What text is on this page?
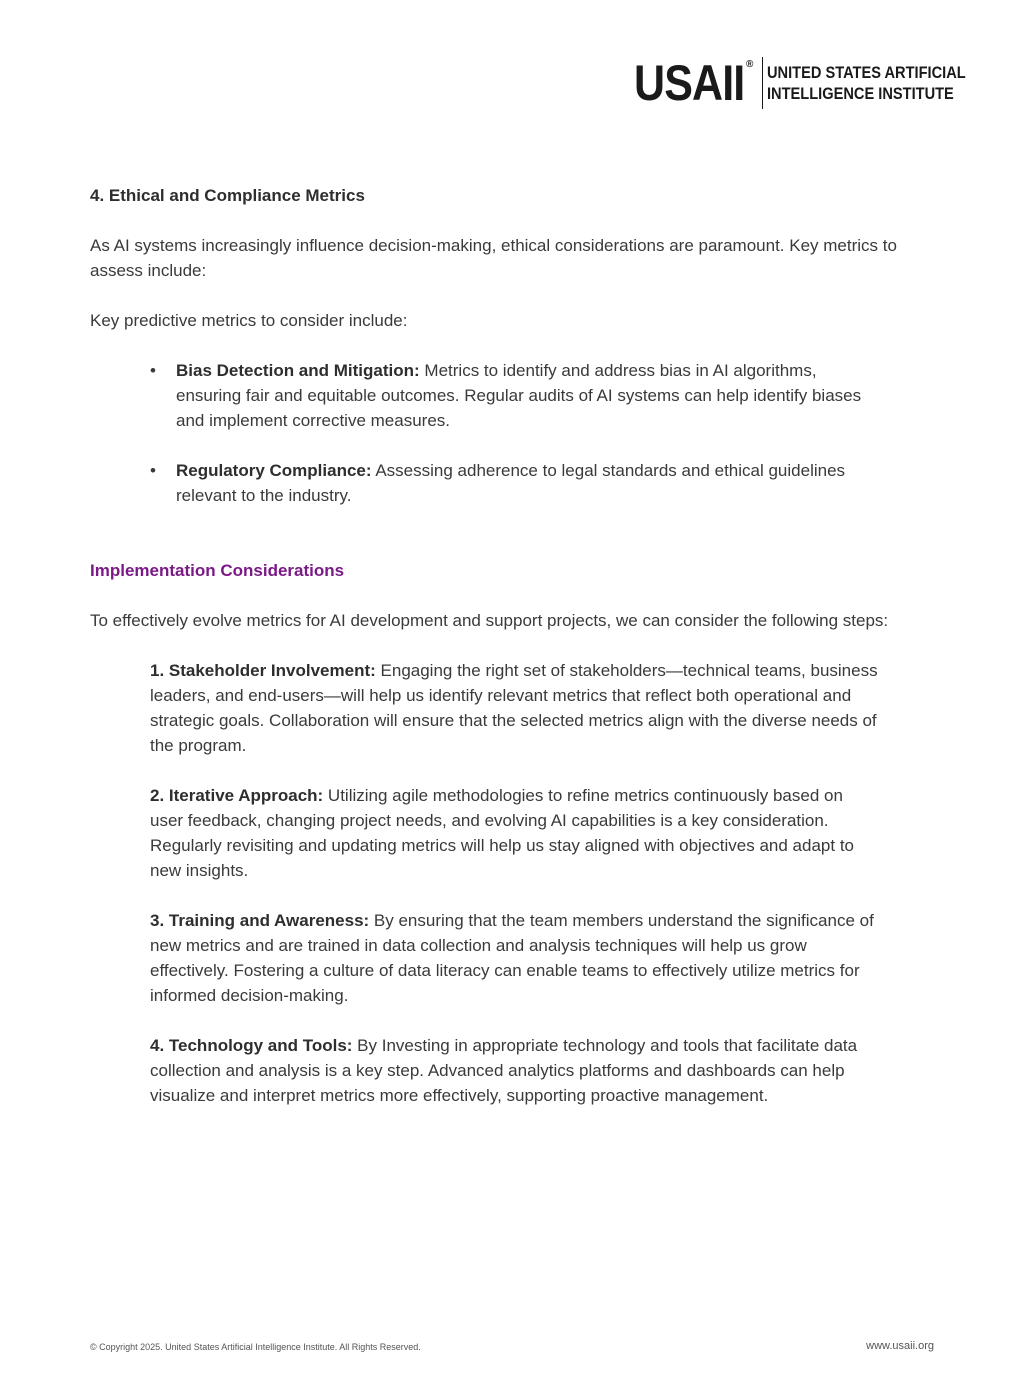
USAII ® UNITED STATES ARTIFICIAL
INTELLIGENCE INSTITUTE

4. Ethical and Compliance Metrics

As AI systems increasingly influence decision-making, ethical considerations are paramount. Key metrics to assess include:

Key predictive metrics to consider include:

• Bias Detection and Mitigation: Metrics to identify and address bias in AI algorithms, ensuring fair and equitable outcomes. Regular audits of AI systems can help identify biases and implement corrective measures.
• Regulatory Compliance: Assessing adherence to legal standards and ethical guidelines relevant to the industry.

Implementation Considerations

To effectively evolve metrics for AI development and support projects, we can consider the following steps:

1. Stakeholder Involvement: Engaging the right set of stakeholders—technical teams, business leaders, and end-users—will help us identify relevant metrics that reflect both operational and strategic goals. Collaboration will ensure that the selected metrics align with the diverse needs of the program.
2. Iterative Approach: Utilizing agile methodologies to refine metrics continuously based on user feedback, changing project needs, and evolving AI capabilities is a key consideration. Regularly revisiting and updating metrics will help us stay aligned with objectives and adapt to new insights.
3. Training and Awareness: By ensuring that the team members understand the significance of new metrics and are trained in data collection and analysis techniques will help us grow effectively. Fostering a culture of data literacy can enable teams to effectively utilize metrics for informed decision-making.
4. Technology and Tools: By Investing in appropriate technology and tools that facilitate data collection and analysis is a key step. Advanced analytics platforms and dashboards can help visualize and interpret metrics more effectively, supporting proactive management.
© Copyright 2025. United States Artificial Intelligence Institute. All Rights Reserved.	www.usaii.org
